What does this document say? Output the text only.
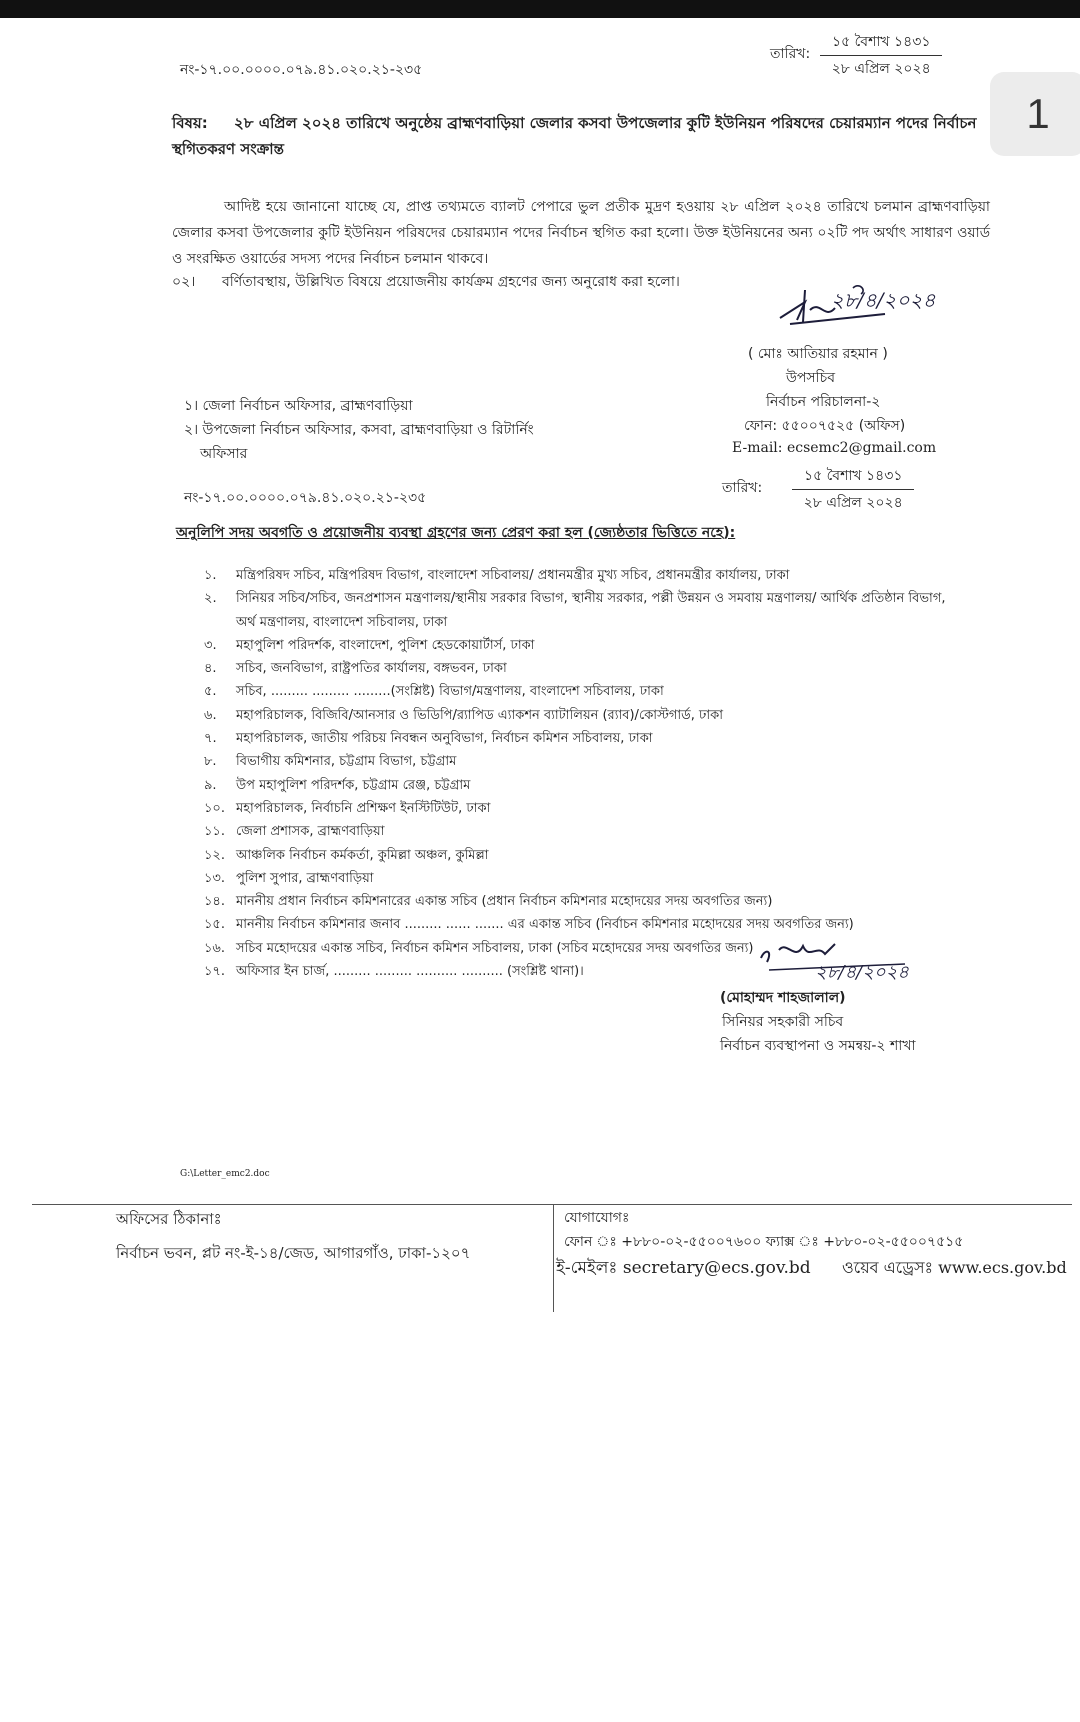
1
নং-১৭.০০.০০০০.০৭৯.৪১.০২০.২১-২৩৫
তারিখ:
১৫ বৈশাখ ১৪৩১
২৮ এপ্রিল ২০২৪
বিষয়: ২৮ এপ্রিল ২০২৪ তারিখে অনুষ্ঠেয় ব্রাহ্মণবাড়িয়া জেলার কসবা উপজেলার কুটি ইউনিয়ন পরিষদের চেয়ারম্যান পদের নির্বাচন স্থগিতকরণ সংক্রান্ত
আদিষ্ট হয়ে জানানো যাচ্ছে যে, প্রাপ্ত তথ্যমতে ব্যালট পেপারে ভুল প্রতীক মুদ্রণ হওয়ায় ২৮ এপ্রিল ২০২৪ তারিখে চলমান ব্রাহ্মণবাড়িয়া জেলার কসবা উপজেলার কুটি ইউনিয়ন পরিষদের চেয়ারম্যান পদের নির্বাচন স্থগিত করা হলো। উক্ত ইউনিয়নের অন্য ০২টি পদ অর্থাৎ সাধারণ ওয়ার্ড ও সংরক্ষিত ওয়ার্ডের সদস্য পদের নির্বাচন চলমান থাকবে।
০২। বর্ণিতাবস্থায়, উল্লিখিত বিষয়ে প্রয়োজনীয় কার্যক্রম গ্রহণের জন্য অনুরোধ করা হলো।
২৮/৪/২০২৪
( মোঃ আতিয়ার রহমান )
উপসচিব
নির্বাচন পরিচালনা-২
ফোন: ৫৫০০৭৫২৫ (অফিস)
E-mail: ecsemc2@gmail.com
১। জেলা নির্বাচন অফিসার, ব্রাহ্মণবাড়িয়া
২। উপজেলা নির্বাচন অফিসার, কসবা, ব্রাহ্মণবাড়িয়া ও রিটার্নিং
অফিসার
নং-১৭.০০.০০০০.০৭৯.৪১.০২০.২১-২৩৫
তারিখ:
১৫ বৈশাখ ১৪৩১
২৮ এপ্রিল ২০২৪
অনুলিপি সদয় অবগতি ও প্রয়োজনীয় ব্যবস্থা গ্রহণের জন্য প্রেরণ করা হল (জ্যেষ্ঠতার ভিত্তিতে নহে):
১. মন্ত্রিপরিষদ সচিব, মন্ত্রিপরিষদ বিভাগ, বাংলাদেশ সচিবালয়/ প্রধানমন্ত্রীর মুখ্য সচিব, প্রধানমন্ত্রীর কার্যালয়, ঢাকা
২. সিনিয়র সচিব/সচিব, জনপ্রশাসন মন্ত্রণালয়/স্থানীয় সরকার বিভাগ, স্থানীয় সরকার, পল্লী উন্নয়ন ও সমবায় মন্ত্রণালয়/ আর্থিক প্রতিষ্ঠান বিভাগ,
অর্থ মন্ত্রণালয়, বাংলাদেশ সচিবালয়, ঢাকা
৩. মহাপুলিশ পরিদর্শক, বাংলাদেশ, পুলিশ হেডকোয়ার্টার্স, ঢাকা
৪. সচিব, জনবিভাগ, রাষ্ট্রপতির কার্যালয়, বঙ্গভবন, ঢাকা
৫. সচিব, ......... ......... .........(সংশ্লিষ্ট) বিভাগ/মন্ত্রণালয়, বাংলাদেশ সচিবালয়, ঢাকা
৬. মহাপরিচালক, বিজিবি/আনসার ও ভিডিপি/র‍্যাপিড এ্যাকশন ব্যাটালিয়ন (র‍্যাব)/কোস্টগার্ড, ঢাকা
৭. মহাপরিচালক, জাতীয় পরিচয় নিবন্ধন অনুবিভাগ, নির্বাচন কমিশন সচিবালয়, ঢাকা
৮. বিভাগীয় কমিশনার, চট্টগ্রাম বিভাগ, চট্টগ্রাম
৯. উপ মহাপুলিশ পরিদর্শক, চট্টগ্রাম রেঞ্জ, চট্টগ্রাম
১০. মহাপরিচালক, নির্বাচনি প্রশিক্ষণ ইনস্টিটিউট, ঢাকা
১১. জেলা প্রশাসক, ব্রাহ্মণবাড়িয়া
১২. আঞ্চলিক নির্বাচন কর্মকর্তা, কুমিল্লা অঞ্চল, কুমিল্লা
১৩. পুলিশ সুপার, ব্রাহ্মণবাড়িয়া
১৪. মাননীয় প্রধান নির্বাচন কমিশনারের একান্ত সচিব (প্রধান নির্বাচন কমিশনার মহোদয়ের সদয় অবগতির জন্য)
১৫. মাননীয় নির্বাচন কমিশনার জনাব ......... ...... ....... এর একান্ত সচিব (নির্বাচন কমিশনার মহোদয়ের সদয় অবগতির জন্য)
১৬. সচিব মহোদয়ের একান্ত সচিব, নির্বাচন কমিশন সচিবালয়, ঢাকা (সচিব মহোদয়ের সদয় অবগতির জন্য)
১৭. অফিসার ইন চার্জ, ......... ......... .......... .......... (সংশ্লিষ্ট থানা)।	২৮/৪/২০২৪
(মোহাম্মদ শাহজালাল)
সিনিয়র সহকারী সচিব
নির্বাচন ব্যবস্থাপনা ও সমন্বয়-২ শাখা
G:\Letter_emc2.doc
অফিসের ঠিকানাঃ
নির্বাচন ভবন, প্লট নং-ই-১৪/জেড, আগারগাঁও, ঢাকা-১২০৭
যোগাযোগঃ
ফোন ঃ +৮৮০-০২-৫৫০০৭৬০০ ফ্যাক্স ঃ +৮৮০-০২-৫৫০০৭৫১৫
ই-মেইলঃ secretary@ecs.gov.bd ওয়েব এড্রেসঃ www.ecs.gov.bd
